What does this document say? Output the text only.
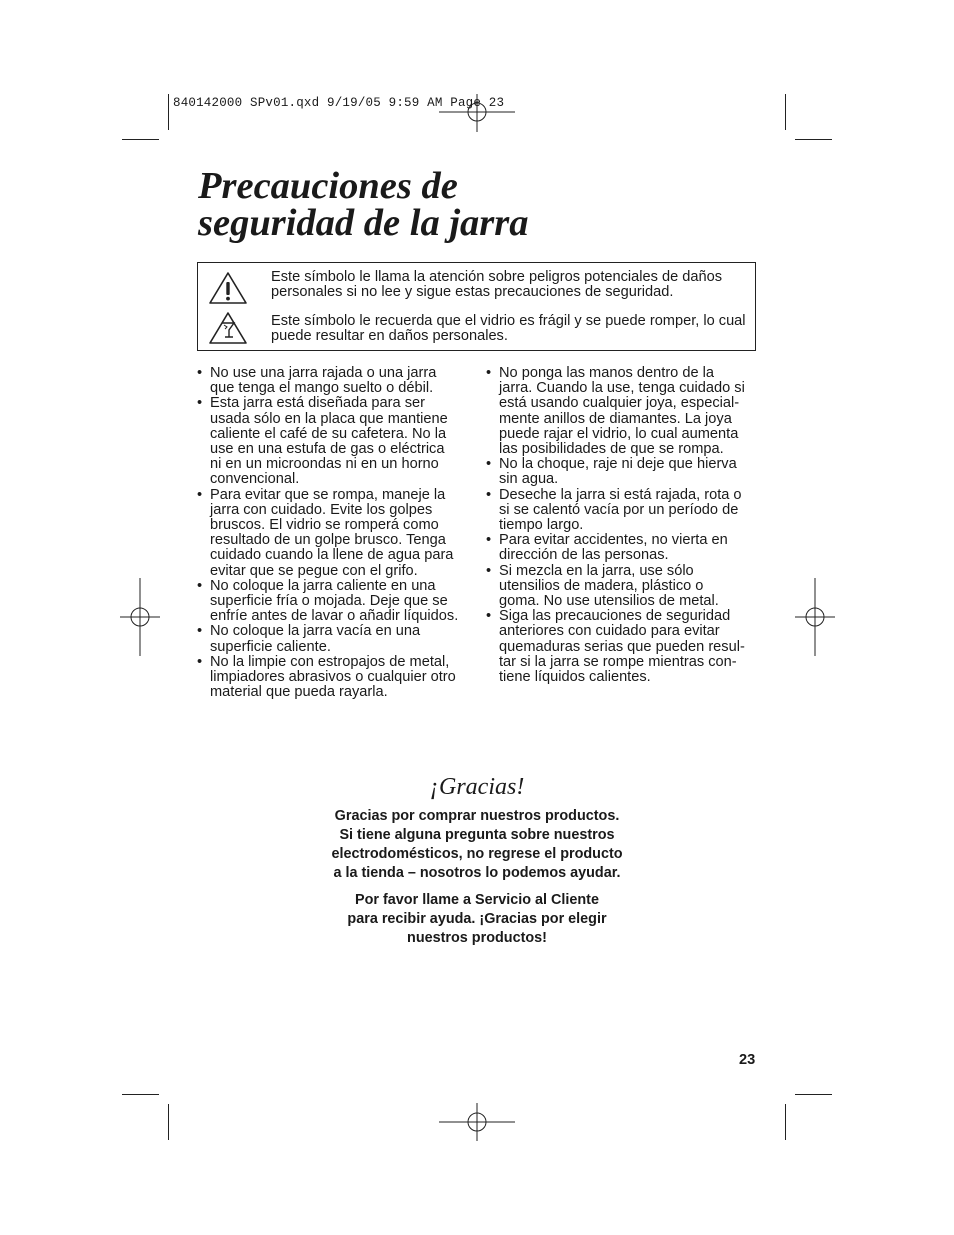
840142000 SPv01.qxd 9/19/05 9:59 AM Page 23
Precauciones de
seguridad de la jarra
Este símbolo le llama la atención sobre peligros potenciales de daños personales si no lee y sigue estas precauciones de seguridad.
Este símbolo le recuerda que el vidrio es frágil y se puede romper, lo cual puede resultar en daños personales.
• No use una jarra rajada o una jarra
que tenga el mango suelto o débil.
• Esta jarra está diseñada para ser
usada sólo en la placa que mantiene
caliente el café de su cafetera. No la
use en una estufa de gas o eléctrica
ni en un microondas ni en un horno
convencional.
• Para evitar que se rompa, maneje la
jarra con cuidado. Evite los golpes
bruscos. El vidrio se romperá como
resultado de un golpe brusco. Tenga
cuidado cuando la llene de agua para
evitar que se pegue con el grifo.
• No coloque la jarra caliente en una
superficie fría o mojada. Deje que se
enfríe antes de lavar o añadir líquidos.
• No coloque la jarra vacía en una
superficie caliente.
• No la limpie con estropajos de metal,
limpiadores abrasivos o cualquier otro
material que pueda rayarla.
• No ponga las manos dentro de la
jarra. Cuando la use, tenga cuidado si
está usando cualquier joya, especial-
mente anillos de diamantes. La joya
puede rajar el vidrio, lo cual aumenta
las posibilidades de que se rompa.
• No la choque, raje ni deje que hierva
sin agua.
• Deseche la jarra si está rajada, rota o
si se calentó vacía por un período de
tiempo largo.
• Para evitar accidentes, no vierta en
dirección de las personas.
• Si mezcla en la jarra, use sólo
utensilios de madera, plástico o
goma. No use utensilios de metal.
• Siga las precauciones de seguridad
anteriores con cuidado para evitar
quemaduras serias que pueden resul-
tar si la jarra se rompe mientras con-
tiene líquidos calientes.
¡Gracias!
Gracias por comprar nuestros productos.
Si tiene alguna pregunta sobre nuestros
electrodomésticos, no regrese el producto
a la tienda – nosotros lo podemos ayudar.
Por favor llame a Servicio al Cliente
para recibir ayuda. ¡Gracias por elegir
nuestros productos!
23
